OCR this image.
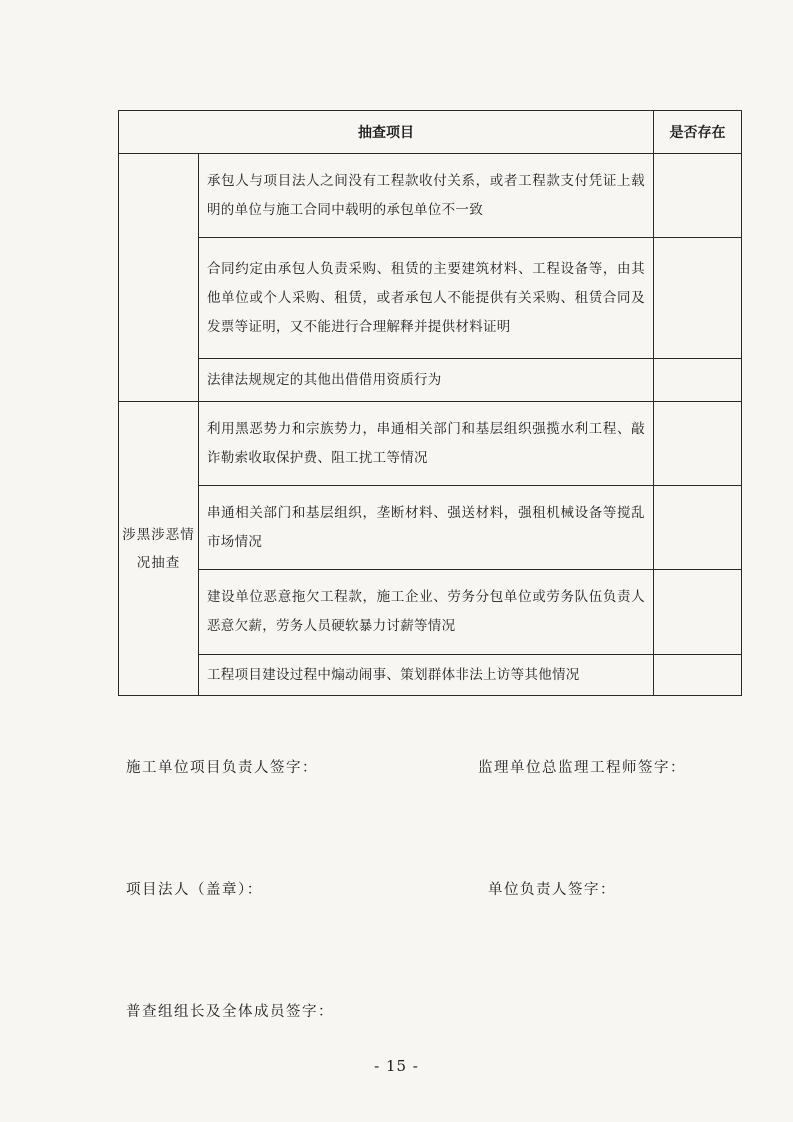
抽查项目		是否存在
	承包人与项目法人之间没有工程款收付关系，或者工程款支付凭证上载明的单位与施工合同中载明的承包单位不一致	
	合同约定由承包人负责采购、租赁的主要建筑材料、工程设备等，由其他单位或个人采购、租赁，或者承包人不能提供有关采购、租赁合同及发票等证明，又不能进行合理解释并提供材料证明	
	法律法规规定的其他出借借用资质行为	
涉黑涉恶情况抽查	利用黑恶势力和宗族势力，串通相关部门和基层组织强揽水利工程、敲诈勒索收取保护费、阻工扰工等情况	
	串通相关部门和基层组织，垄断材料、强送材料，强租机械设备等搅乱市场情况	
	建设单位恶意拖欠工程款，施工企业、劳务分包单位或劳务队伍负责人恶意欠薪，劳务人员硬软暴力讨薪等情况	
	工程项目建设过程中煽动闹事、策划群体非法上访等其他情况	
施工单位项目负责人签字：	监理单位总监理工程师签字：
项目法人（盖章）：	单位负责人签字：
普查组组长及全体成员签字：
- 15 -
